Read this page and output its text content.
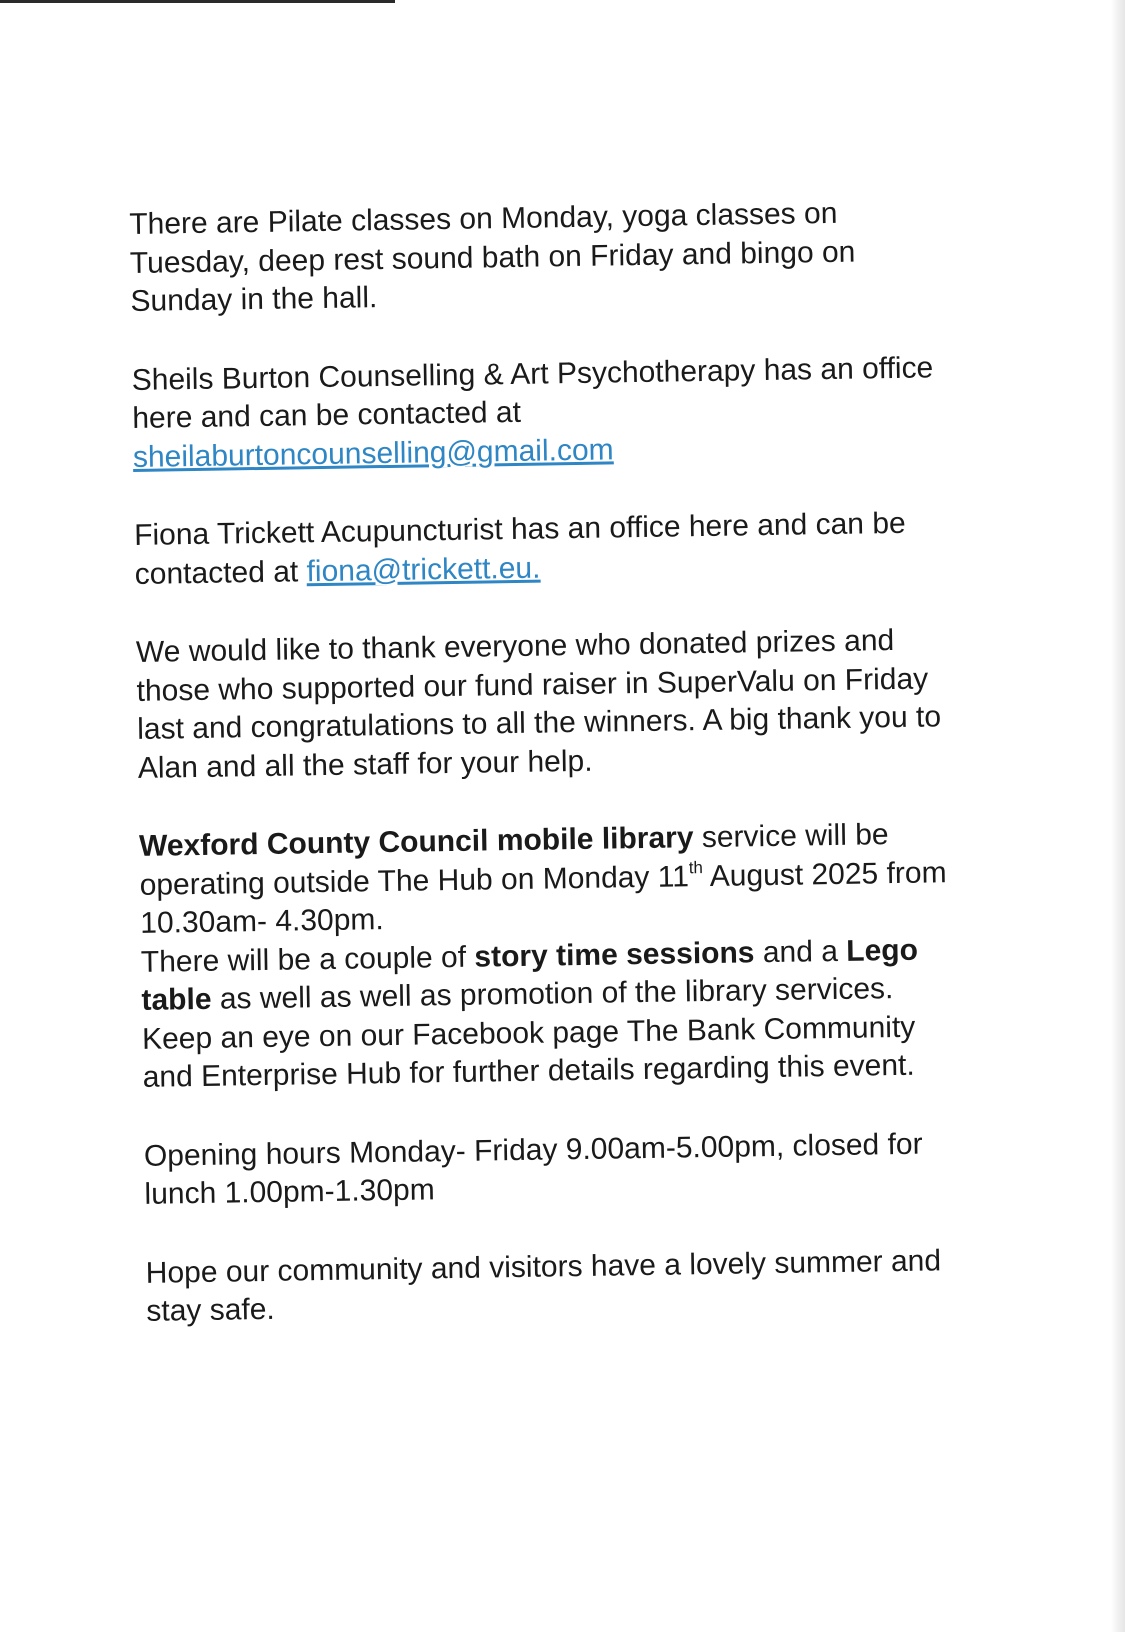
There are Pilate classes on Monday, yoga classes on Tuesday, deep rest sound bath on Friday and bingo on Sunday in the hall.

Sheils Burton Counselling & Art Psychotherapy has an office here and can be contacted at
sheilaburtoncounselling@gmail.com

Fiona Trickett Acupuncturist has an office here and can be contacted at fiona@trickett.eu.

We would like to thank everyone who donated prizes and those who supported our fund raiser in SuperValu on Friday last and congratulations to all the winners. A big thank you to Alan and all the staff for your help.

Wexford County Council mobile library service will be operating outside The Hub on Monday 11th August 2025 from 10.30am- 4.30pm.

There will be a couple of story time sessions and a Lego table as well as well as promotion of the library services.

Keep an eye on our Facebook page The Bank Community and Enterprise Hub for further details regarding this event.

Opening hours Monday- Friday 9.00am-5.00pm, closed for lunch 1.00pm-1.30pm

Hope our community and visitors have a lovely summer and stay safe.
